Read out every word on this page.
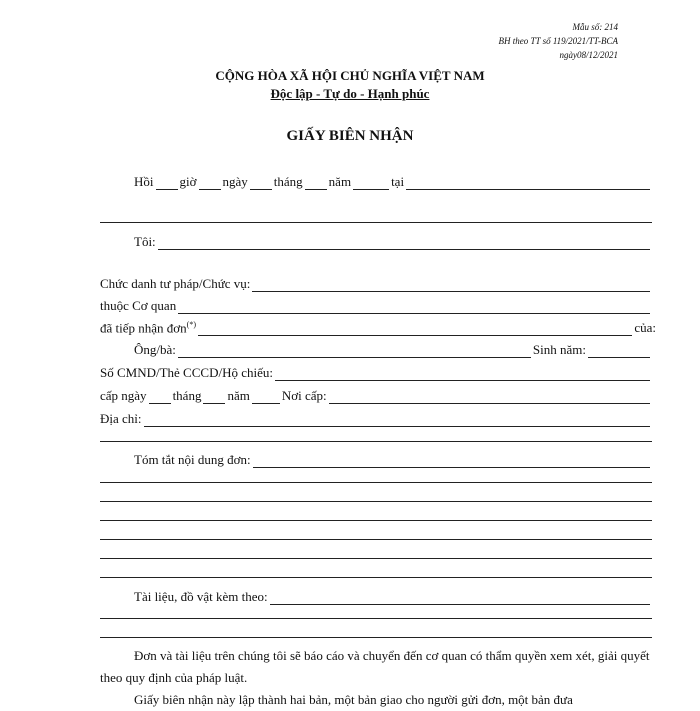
Mẫu số: 214
BH theo TT số 119/2021/TT-BCA
ngày08/12/2021
CỘNG HÒA XÃ HỘI CHỦ NGHĨA VIỆT NAM
Độc lập - Tự do - Hạnh phúc
GIẤY BIÊN NHẬN
Hồi giờ ngày tháng năm	tại
Tôi:
Chức danh tư pháp/Chức vụ:
thuộc Cơ quan
đã tiếp nhận đơn(*)	của:
Ông/bà:	Sinh năm:
Số CMND/Thẻ CCCD/Hộ chiếu:
cấp ngày tháng năm Nơi cấp:
Địa chỉ:
Tóm tắt nội dung đơn:
Tài liệu, đồ vật kèm theo:
Đơn và tài liệu trên chúng tôi sẽ báo cáo và chuyển đến cơ quan có thẩm quyền xem xét, giải quyết theo quy định của pháp luật.
Giấy biên nhận này lập thành hai bản, một bản giao cho người gửi đơn, một bản đưa
